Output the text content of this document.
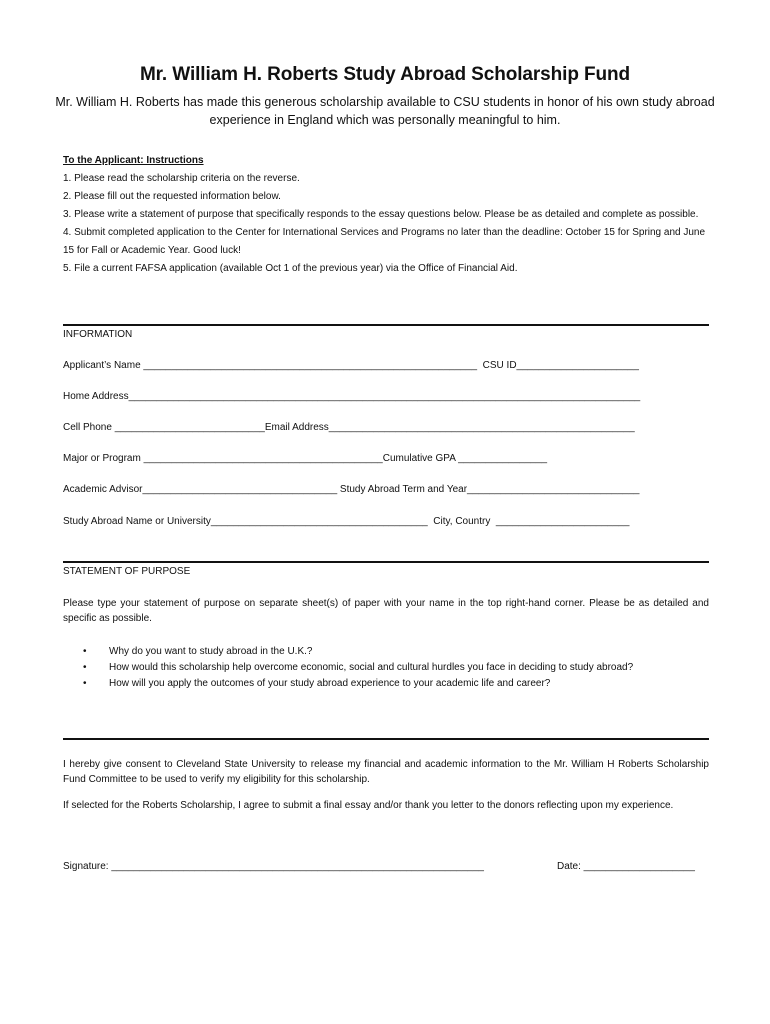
Mr. William H. Roberts Study Abroad Scholarship Fund
Mr. William H. Roberts has made this generous scholarship available to CSU students in honor of his own study abroad experience in England which was personally meaningful to him.
To the Applicant: Instructions
1. Please read the scholarship criteria on the reverse.
2. Please fill out the requested information below.
3. Please write a statement of purpose that specifically responds to the essay questions below. Please be as detailed and complete as possible.
4. Submit completed application to the Center for International Services and Programs no later than the deadline: October 15 for Spring and June 15 for Fall or Academic Year. Good luck!
5. File a current FAFSA application (available Oct 1 of the previous year) via the Office of Financial Aid.
INFORMATION
Applicant’s Name ____________________________________________________________  CSU ID______________________
Home Address____________________________________________________________________________________________
Cell Phone ___________________________Email Address_______________________________________________________
Major or Program ___________________________________________Cumulative GPA ________________
Academic Advisor___________________________________ Study Abroad Term and Year_______________________________
Study Abroad Name or University_______________________________________  City, Country  ________________________
STATEMENT OF PURPOSE
Please type your statement of purpose on separate sheet(s) of paper with your name in the top right-hand corner. Please be as detailed and specific as possible.
• Why do you want to study abroad in the U.K.?
• How would this scholarship help overcome economic, social and cultural hurdles you face in deciding to study abroad?
• How will you apply the outcomes of your study abroad experience to your academic life and career?
I hereby give consent to Cleveland State University to release my financial and academic information to the Mr. William H Roberts Scholarship Fund Committee to be used to verify my eligibility for this scholarship.
If selected for the Roberts Scholarship, I agree to submit a final essay and/or thank you letter to the donors reflecting upon my experience.
Signature: ___________________________________________________________________	Date: ____________________
